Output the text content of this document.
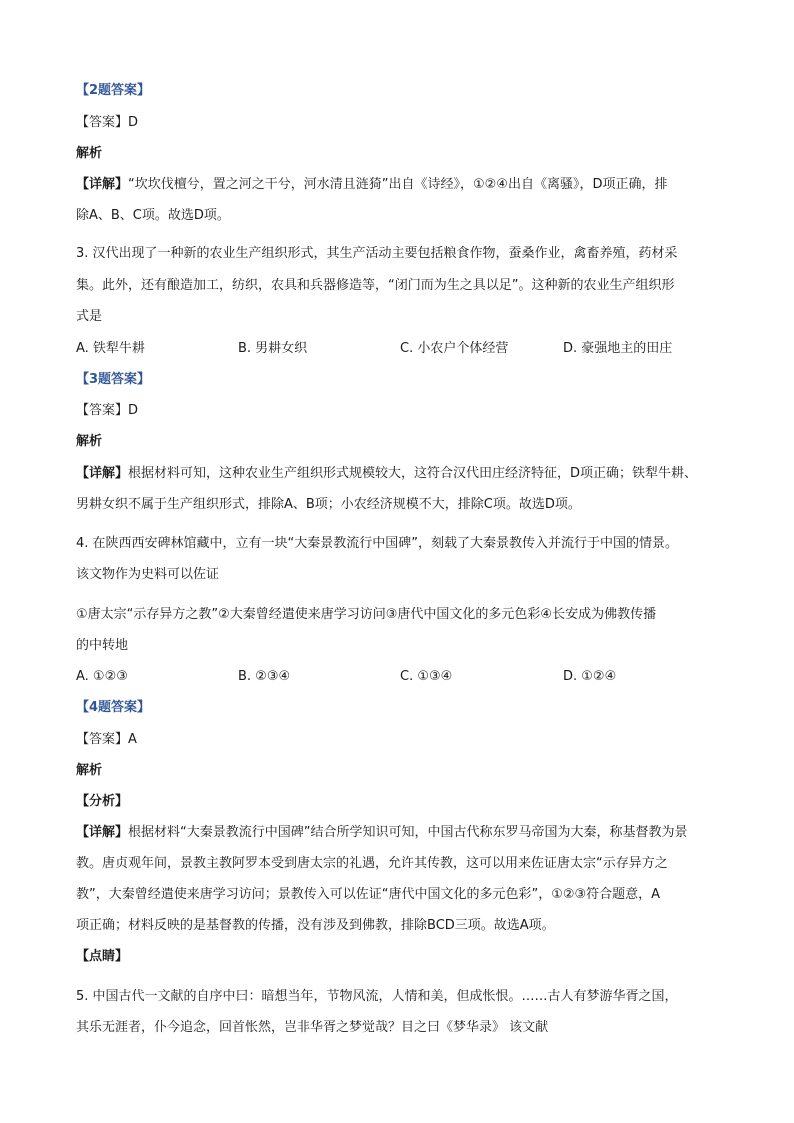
【2题答案】
【答案】D
解析
【详解】“坎坎伐檀兮，置之河之干兮，河水清且涟猗”出自《诗经》，①②④出自《离骚》，D项正确，排
除A、B、C项。故选D项。
3. 汉代出现了一种新的农业生产组织形式，其生产活动主要包括粮食作物，蚕桑作业，禽畜养殖，药材采
集。此外，还有酿造加工，纺织，农具和兵器修造等，“闭门而为生之具以足”。这种新的农业生产组织形
式是
A. 铁犁牛耕	B. 男耕女织	C. 小农户个体经营	D. 豪强地主的田庄
【3题答案】
【答案】D
解析
【详解】根据材料可知，这种农业生产组织形式规模较大，这符合汉代田庄经济特征，D项正确；铁犁牛耕、
男耕女织不属于生产组织形式，排除A、B项；小农经济规模不大，排除C项。故选D项。
4. 在陕西西安碑林馆藏中，立有一块“大秦景教流行中国碑”，刻载了大秦景教传入并流行于中国的情景。
该文物作为史料可以佐证
①唐太宗“示存异方之教”②大秦曾经遣使来唐学习访问③唐代中国文化的多元色彩④长安成为佛教传播
的中转地
A. ①②③	B. ②③④	C. ①③④	D. ①②④
【4题答案】
【答案】A
解析
【分析】
【详解】根据材料“大秦景教流行中国碑”结合所学知识可知，中国古代称东罗马帝国为大秦，称基督教为景
教。唐贞观年间，景教主教阿罗本受到唐太宗的礼遇，允许其传教，这可以用来佐证唐太宗“示存异方之
教”，大秦曾经遣使来唐学习访问；景教传入可以佐证“唐代中国文化的多元色彩”，①②③符合题意，A
项正确；材料反映的是基督教的传播，没有涉及到佛教，排除BCD三项。故选A项。
【点睛】
5. 中国古代一文献的自序中曰：暗想当年，节物风流，人情和美，但成怅恨。……古人有梦游华胥之国，
其乐无涯者，仆今追念，回首怅然，岂非华胥之梦觉哉？目之曰《梦华录》 该文献
